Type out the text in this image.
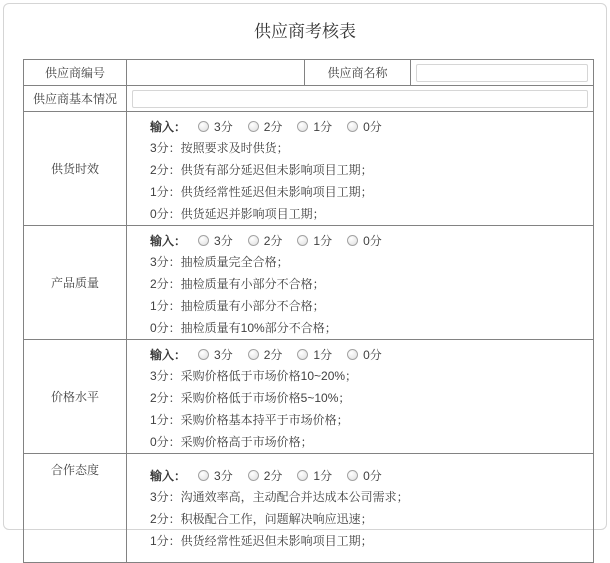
供应商考核表
供应商编号		供应商名称	

供应商基本情况	

供货时效	
输入： 3分	2分	1分	0分
3分：按照要求及时供货；
2分：供货有部分延迟但未影响项目工期；
1分：供货经常性延迟但未影响项目工期；
0分：供货延迟并影响项目工期；

产品质量	
输入： 3分	2分	1分	0分
3分：抽检质量完全合格；
2分：抽检质量有小部分不合格；
1分：抽检质量有小部分不合格；
0分：抽检质量有10%部分不合格；

价格水平	
输入： 3分	2分	1分	0分
3分：采购价格低于市场价格10~20%；
2分：采购价格低于市场价格5~10%；
1分：采购价格基本持平于市场价格；
0分：采购价格高于市场价格；

合作态度	输入： 3分	2分	1分	0分
3分：沟通效率高，主动配合并达成本公司需求；
2分：积极配合工作，问题解决响应迅速；
1分：供货经常性延迟但未影响项目工期；
